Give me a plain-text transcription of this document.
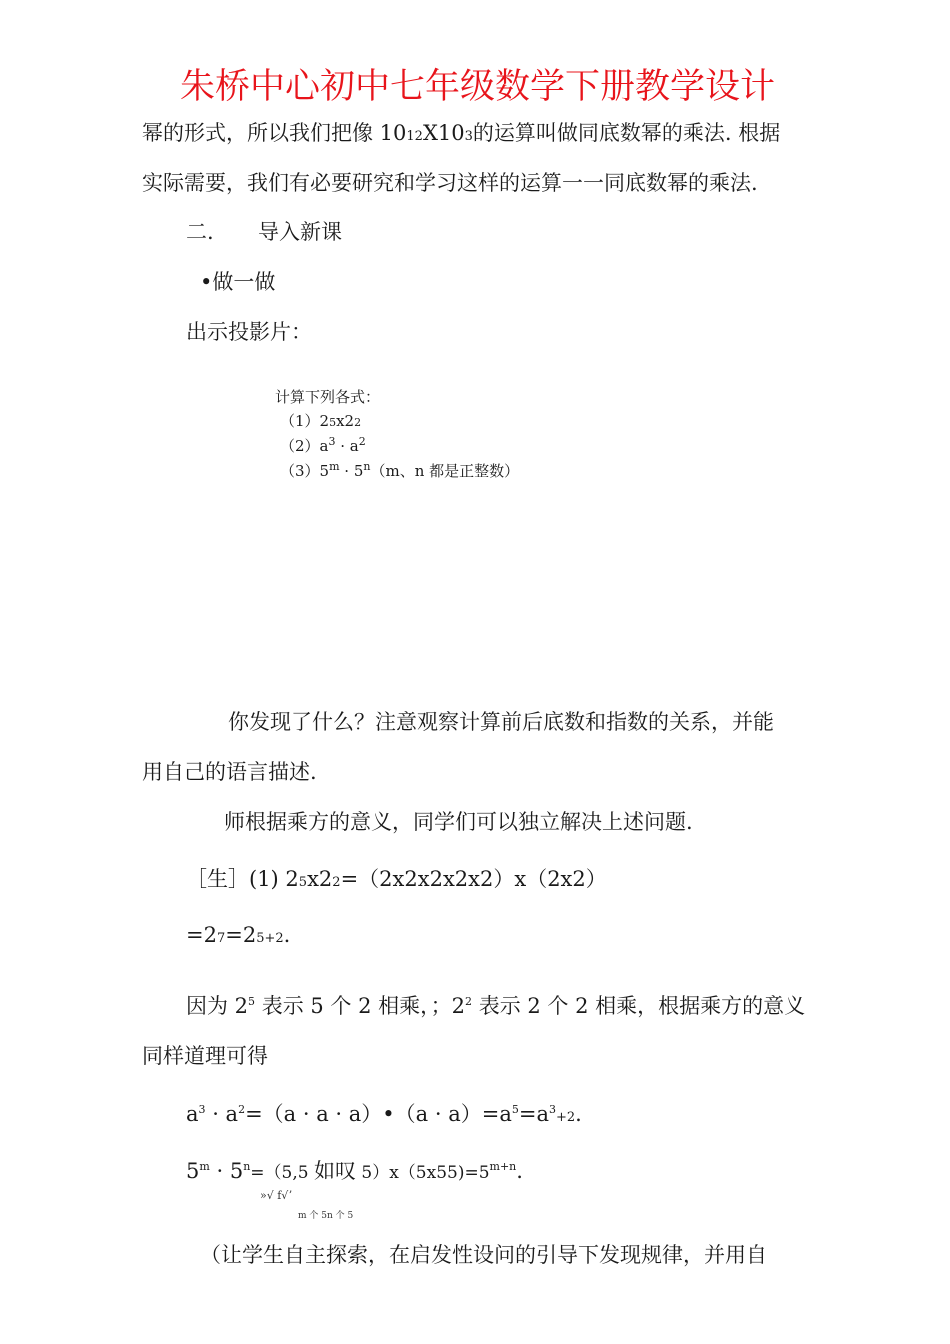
朱桥中心初中七年级数学下册教学设计
幂的形式，所以我们把像 1012X103的运算叫做同底数幂的乘法. 根据
实际需要，我们有必要研究和学习这样的运算一一同底数幂的乘法.
二. 导入新课
•做一做
出示投影片：
计算下列各式：
（1）25x22
$(2)a^3 \cdot a^2$
$(3)5^m \cdot 5^n(m$、n 都是正整数）
你发现了什么？注意观察计算前后底数和指数的关系，并能
用自己的语言描述.
师根据乘方的意义，同学们可以独立解决上述问题.
［生］(1) 25x22=（2x2x2x2x2）x（2x2）
=27=25+2.
因为 $2^5$ 表示 5 个 2 相乘，；$2^2$ 表示 2 个 2 相乘，根据乘方的意义
同样道理可得
$a^3 \cdot a^2=(a \cdot a$ · a）•（a · $a)=a^5=a^3+2$.
$5^m \cdot 5^n=(5,5$ 如叹 $5)x(5x55)=5^{m+n}$.
»√ f√ʼ
m 个 5n 个 5
（让学生自主探索，在启发性设问的引导下发现规律，并用自
